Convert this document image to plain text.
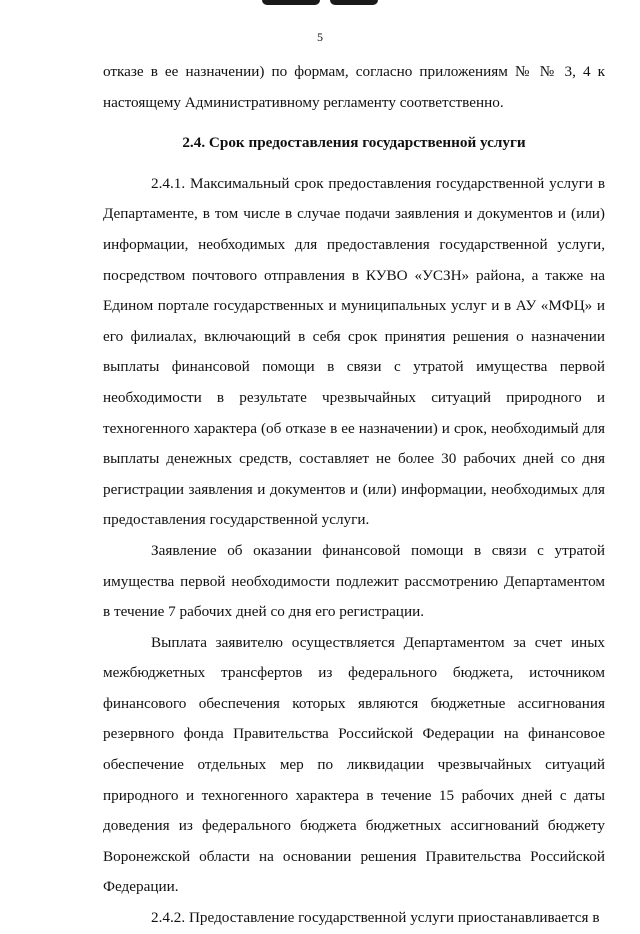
5

отказе в ее назначении) по формам, согласно приложениям № № 3, 4 к настоящему Административному регламенту соответственно.

2.4. Срок предоставления государственной услуги

2.4.1. Максимальный срок предоставления государственной услуги в Департаменте, в том числе в случае подачи заявления и документов и (или) информации, необходимых для предоставления государственной услуги, посредством почтового отправления в КУВО «УСЗН» района, а также на Едином портале государственных и муниципальных услуг и в АУ «МФЦ» и его филиалах, включающий в себя срок принятия решения о назначении выплаты финансовой помощи в связи с утратой имущества первой необходимости в результате чрезвычайных ситуаций природного и техногенного характера (об отказе в ее назначении) и срок, необходимый для выплаты денежных средств, составляет не более 30 рабочих дней со дня регистрации заявления и документов и (или) информации, необходимых для предоставления государственной услуги.

Заявление об оказании финансовой помощи в связи с утратой имущества первой необходимости подлежит рассмотрению Департаментом в течение 7 рабочих дней со дня его регистрации.

Выплата заявителю осуществляется Департаментом за счет иных межбюджетных трансфертов из федерального бюджета, источником финансового обеспечения которых являются бюджетные ассигнования резервного фонда Правительства Российской Федерации на финансовое обеспечение отдельных мер по ликвидации чрезвычайных ситуаций природного и техногенного характера в течение 15 рабочих дней с даты доведения из федерального бюджета бюджетных ассигнований бюджету Воронежской области на основании решения Правительства Российской Федерации.

2.4.2. Предоставление государственной услуги приостанавливается в
